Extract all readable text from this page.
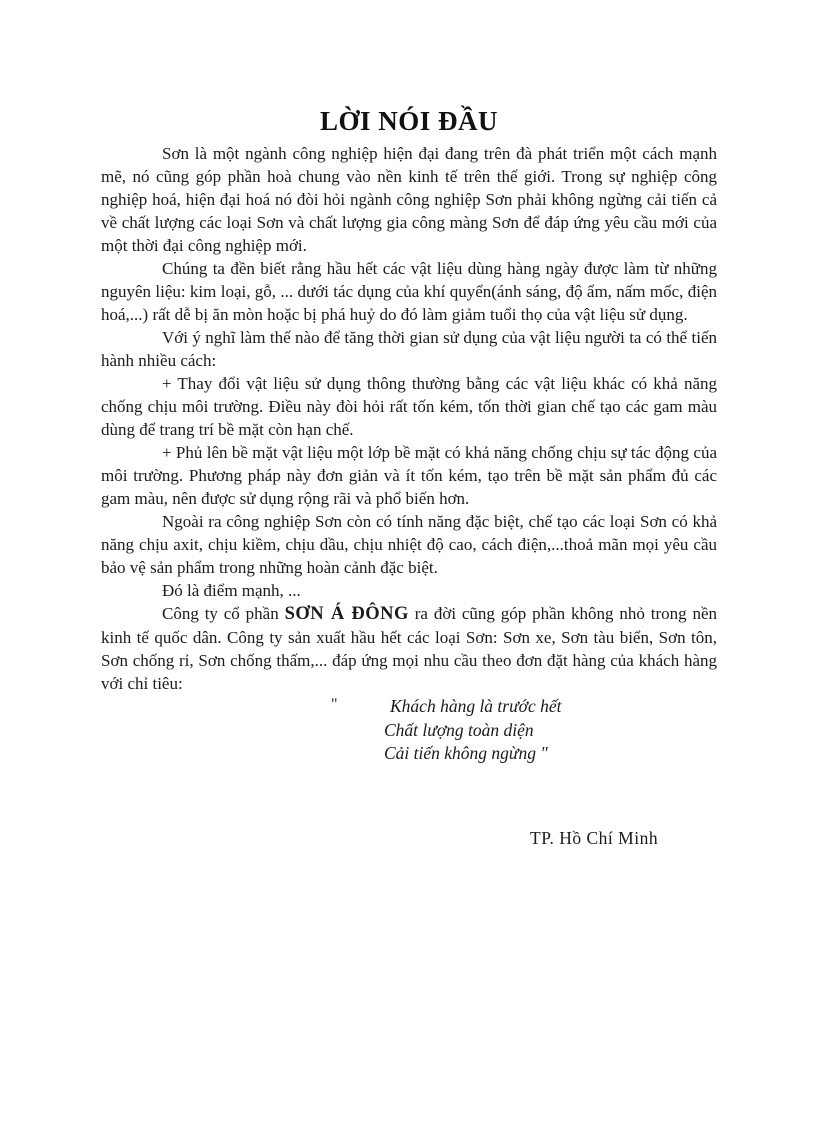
LỜI NÓI ĐẦU

Sơn là một ngành công nghiệp hiện đại đang trên đà phát triển một cách mạnh mẽ, nó cũng góp phần hoà chung vào nền kinh tế trên thế giới. Trong sự nghiệp công nghiệp hoá, hiện đại hoá nó đòi hỏi ngành công nghiệp Sơn phải không ngừng cải tiến cả về chất lượng các loại Sơn và chất lượng gia công màng Sơn để đáp ứng yêu cầu mới của một thời đại công nghiệp mới.

Chúng ta đền biết rằng hầu hết các vật liệu dùng hàng ngày được làm từ những nguyên liệu: kim loại, gỗ, ... dưới tác dụng của khí quyển(ánh sáng, độ ẩm, nấm mốc, điện hoá,...) rất dễ bị ăn mòn hoặc bị phá huỷ do đó làm giảm tuổi thọ của vật liệu sử dụng.

Với ý nghĩ làm thế nào để tăng thời gian sử dụng của vật liệu người ta có thể tiến hành nhiều cách:

+ Thay đổi vật liệu sử dụng thông thường bằng các vật liệu khác có khả năng chống chịu môi trường. Điều này đòi hỏi rất tốn kém, tốn thời gian chế tạo các gam màu dùng để trang trí bề mặt còn hạn chế.

+ Phủ lên bề mặt vật liệu một lớp bề mặt có khả năng chống chịu sự tác động của môi trường. Phương pháp này đơn giản và ít tốn kém, tạo trên bề mặt sản phẩm đủ các gam màu, nên được sử dụng rộng rãi và phổ biến hơn.

Ngoài ra công nghiệp Sơn còn có tính năng đặc biệt, chế tạo các loại Sơn có khả năng chịu axit, chịu kiềm, chịu dầu, chịu nhiệt độ cao, cách điện,...thoả mãn mọi yêu cầu bảo vệ sản phẩm trong những hoàn cảnh đặc biệt.

Đó là điểm mạnh, ...

Công ty cổ phần SƠN Á ĐÔNG ra đời cũng góp phần không nhỏ trong nền kinh tế quốc dân. Công ty sản xuất hầu hết các loại Sơn: Sơn xe, Sơn tàu biển, Sơn tôn, Sơn chống rỉ, Sơn chống thấm,... đáp ứng mọi nhu cầu theo đơn đặt hàng của khách hàng với chỉ tiêu:

"	Khách hàng là trước hết
Chất lượng toàn diện
Cải tiến không ngừng "
TP. Hồ Chí Minh
